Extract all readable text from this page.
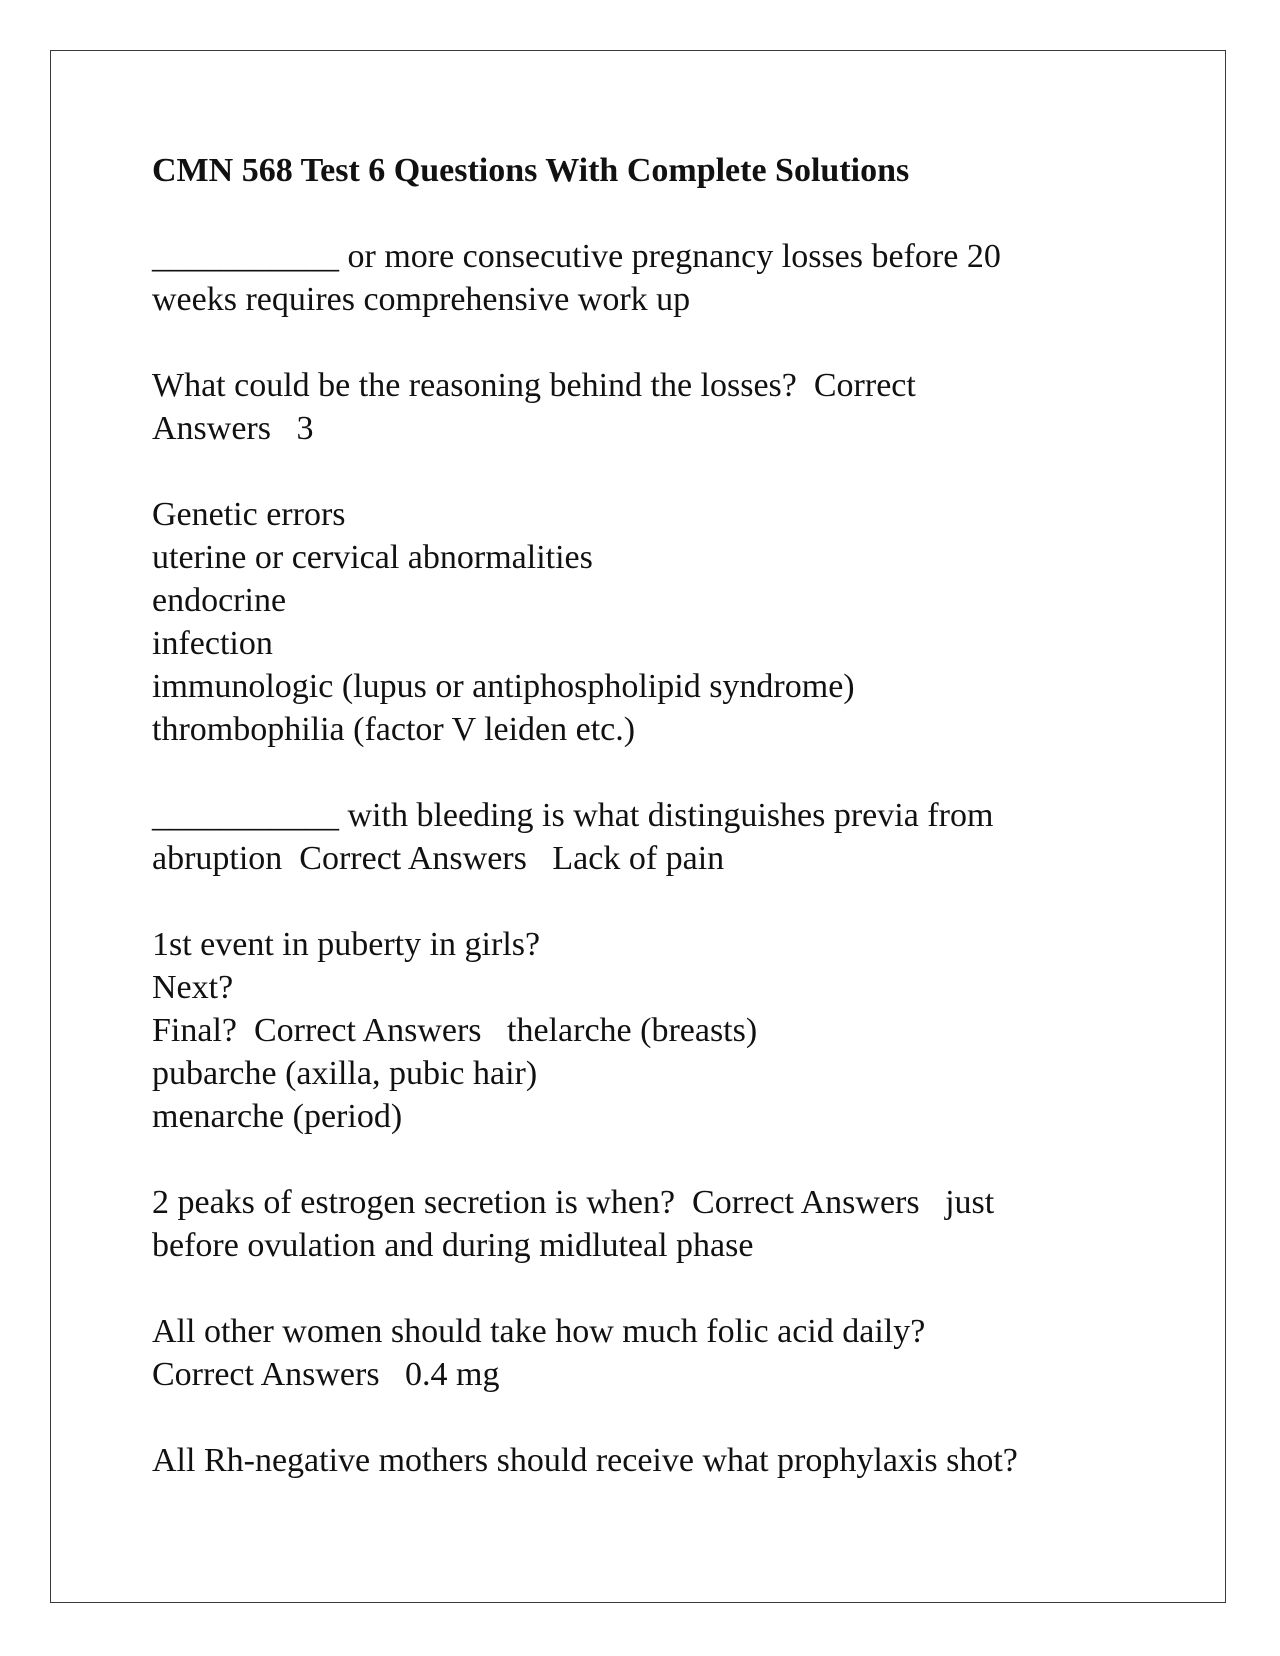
CMN 568 Test 6 Questions With Complete Solutions
___________ or more consecutive pregnancy losses before 20
weeks requires comprehensive work up
What could be the reasoning behind the losses?  Correct
Answers   3
Genetic errors
uterine or cervical abnormalities
endocrine
infection
immunologic (lupus or antiphospholipid syndrome)
thrombophilia (factor V leiden etc.)
___________ with bleeding is what distinguishes previa from
abruption  Correct Answers   Lack of pain
1st event in puberty in girls?
Next?
Final?  Correct Answers   thelarche (breasts)
pubarche (axilla, pubic hair)
menarche (period)
2 peaks of estrogen secretion is when?  Correct Answers   just
before ovulation and during midluteal phase
All other women should take how much folic acid daily?
Correct Answers   0.4 mg
All Rh-negative mothers should receive what prophylaxis shot?
